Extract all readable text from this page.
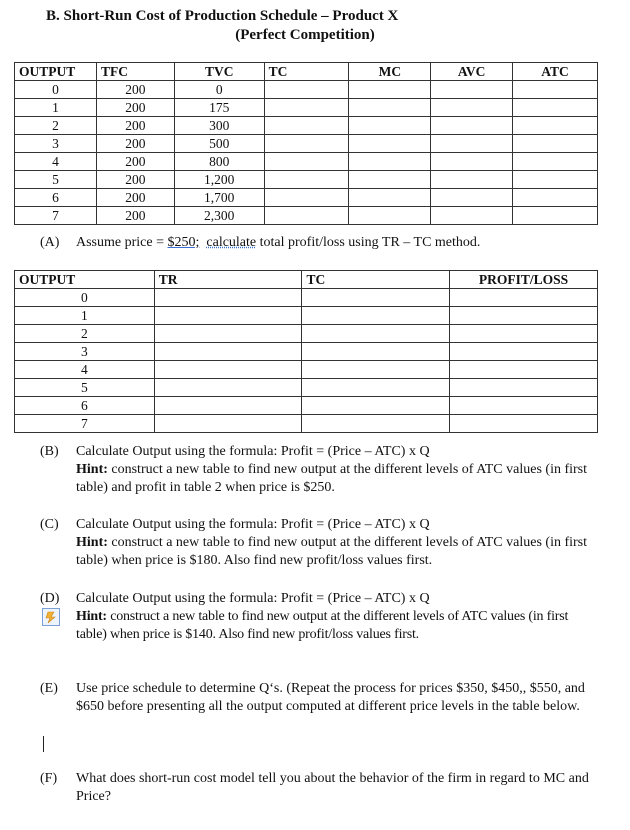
B. Short-Run Cost of Production Schedule – Product X
(Perfect Competition)
OUTPUT	TFC	TVC	TC	MC	AVC	ATC
0	200	0				
1	200	175				
2	200	300				
3	200	500				
4	200	800				
5	200	1,200				
6	200	1,700				
7	200	2,300				
(A) Assume price = $250; calculate total profit/loss using TR – TC method.
OUTPUT	TR	TC	PROFIT/LOSS
0			
1			
2			
3			
4			
5			
6			
7			
(B) Calculate Output using the formula: Profit = (Price – ATC) x Q
Hint: construct a new table to find new output at the different levels of ATC values (in first table) and profit in table 2 when price is $250.
(C) Calculate Output using the formula: Profit = (Price – ATC) x Q
Hint: construct a new table to find new output at the different levels of ATC values (in first table) when price is $180. Also find new profit/loss values first.
(D) Calculate Output using the formula: Profit = (Price – ATC) x Q
Hint: construct a new table to find new output at the different levels of ATC values (in first table) when price is $140. Also find new profit/loss values first.
(E) Use price schedule to determine Q‘s. (Repeat the process for prices $350, $450,, $550, and $650 before presenting all the output computed at different price levels in the table below.
(F) What does short-run cost model tell you about the behavior of the firm in regard to MC and Price?
